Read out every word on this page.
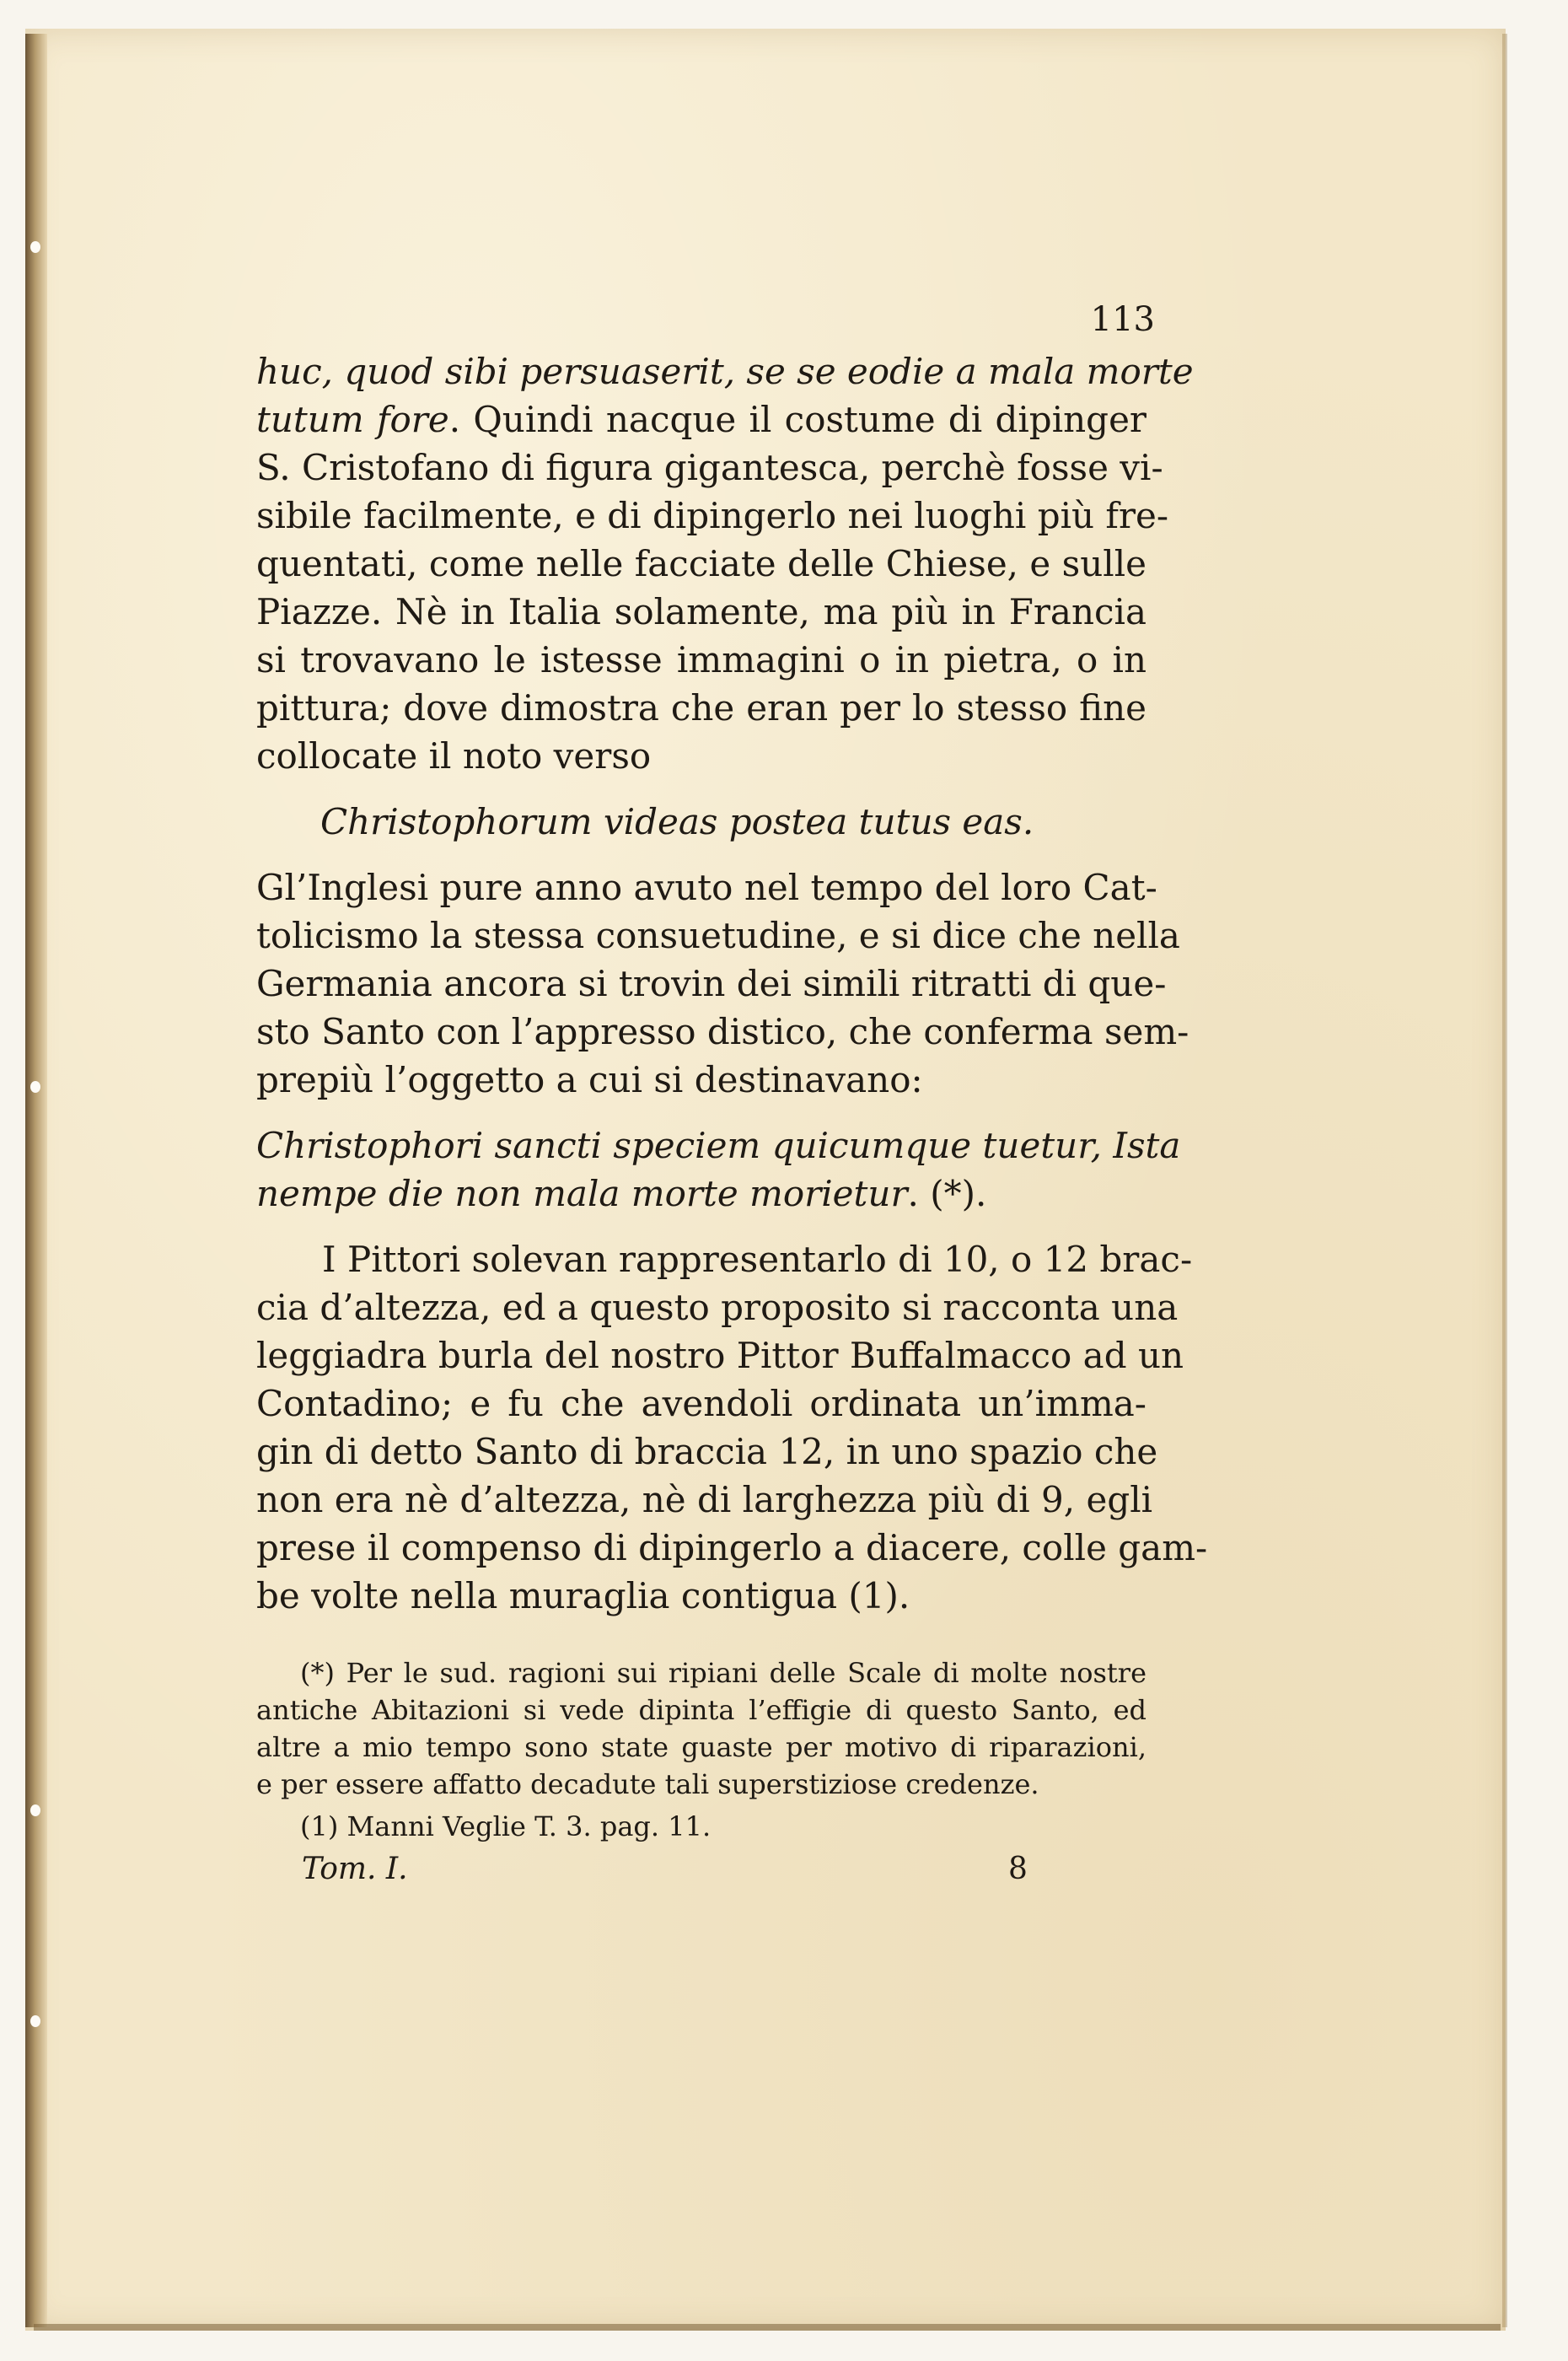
113
huc, quod sibi persuaserit, se se eodie a mala morte
tutum fore. Quindi nacque il costume di dipinger
S. Cristofano di figura gigantesca, perchè fosse vi-
sibile facilmente, e di dipingerlo nei luoghi più fre-
quentati, come nelle facciate delle Chiese, e sulle
Piazze. Nè in Italia solamente, ma più in Francia
si trovavano le istesse immagini o in pietra, o in
pittura; dove dimostra che eran per lo stesso fine
collocate il noto verso
Christophorum videas postea tutus eas.
Gl’Inglesi pure anno avuto nel tempo del loro Cat-
tolicismo la stessa consuetudine, e si dice che nella
Germania ancora si trovin dei simili ritratti di que-
sto Santo con l’appresso distico, che conferma sem-
prepiù l’oggetto a cui si destinavano:
Christophori sancti speciem quicumque tuetur, Ista
nempe die non mala morte morietur. (*).
I Pittori solevan rappresentarlo di 10, o 12 brac-
cia d’altezza, ed a questo proposito si racconta una
leggiadra burla del nostro Pittor Buffalmacco ad un
Contadino; e fu che avendoli ordinata un’imma-
gin di detto Santo di braccia 12, in uno spazio che
non era nè d’altezza, nè di larghezza più di 9, egli
prese il compenso di dipingerlo a diacere, colle gam-
be volte nella muraglia contigua (1).
(*) Per le sud. ragioni sui ripiani delle Scale di molte nostre
antiche Abitazioni si vede dipinta l’effigie di questo Santo, ed
altre a mio tempo sono state guaste per motivo di riparazioni,
e per essere affatto decadute tali superstiziose credenze.
(1) Manni Veglie T. 3. pag. 11.
Tom. I.	8
